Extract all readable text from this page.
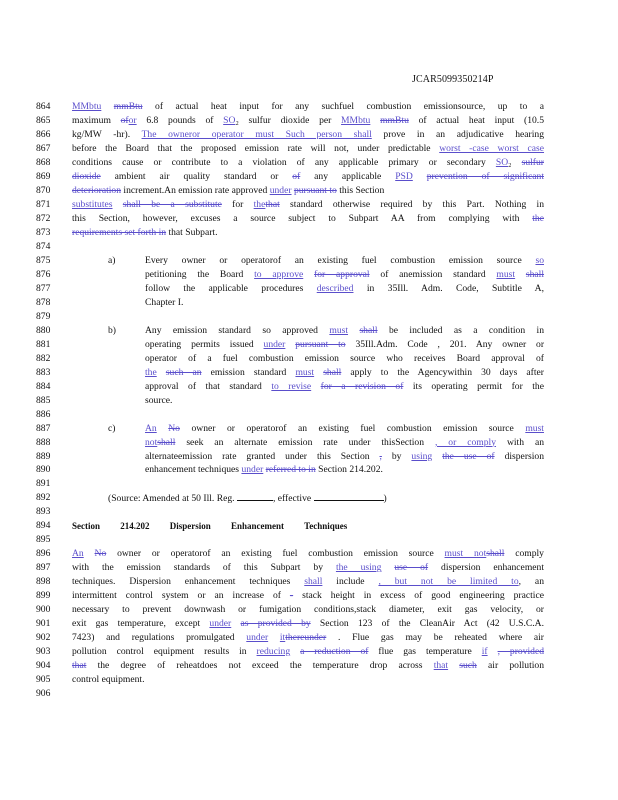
JCAR5099350214P
864	MMbtu mmBtu of actual heat input for any suchfuel combustion emissionsource, up to a
865	maximum ofor 6.8 pounds of SO₂ sulfur dioxide per MMbtu mmBtu of actual heat input (10.5
866	kg/MW -hr). The owneror operator must Such person shall prove in an adjudicative hearing
867	before the Board that the proposed emission rate will not, under predictable worst -case worst case
868	conditions cause or contribute to a violation of any applicable primary or secondary SO₂ sulfur
869	dioxide ambient air quality standard or of any applicable PSD prevention of significant
870	deterioration increment.An emission rate approved under pursuant to this Section
871	substitutes shall be a substitute for thethat standard otherwise required by this Part. Nothing in
872	this Section, however, excuses a source subject to Subpart AA from complying with the
873	requirements set forth in that Subpart.
874
875	a)	Every owner or operatorof an existing fuel combustion emission source so
876	petitioning the Board to approve for approval of anemission standard must shall
877	follow the applicable procedures described in 35Ill. Adm. Code, Subtitle A,
878	Chapter I.
879
880	b)	Any emission standard so approved must shall be included as a condition in
881	operating permits issued under pursuant to 35Ill.Adm. Code , 201. Any owner or
882	operator of a fuel combustion emission source who receives Board approval of
883	the such an emission standard must shall apply to the Agencywithin 30 days after
884	approval of that standard to revise for a revision of its operating permit for the
885	source.
886
887	c)	An No owner or operatorof an existing fuel combustion emission source must
888	notshall seek an alternate emission rate under thisSection , or comply with an
889	alternateemission rate granted under this Section , by using the use of dispersion
890	enhancement techniques under referred to in Section 214.202.
891
892	(Source: Amended at 50 Ill. Reg.	, effective	)
893
894	Section 214.202 Dispersion Enhancement Techniques
895
896	An No owner or operatorof an existing fuel combustion emission source must notshall comply
897	with the emission standards of this Subpart by the using use of dispersion enhancement
898	techniques. Dispersion enhancement techniques shall include , but not be limited to, an
899	intermittent control system or an increase of - stack height in excess of good engineering practice
900	necessary to prevent downwash or fumigation conditions,stack diameter, exit gas velocity, or
901	exit gas temperature, except under as provided by Section 123 of the CleanAir Act (42 U.S.C.A.
902	7423) and regulations promulgated under itthereunder . Flue gas may be reheated where air
903	pollution control equipment results in reducing a reduction of flue gas temperature if , provided
904	that the degree of reheatdoes not exceed the temperature drop across that such air pollution
905	control equipment.
906
